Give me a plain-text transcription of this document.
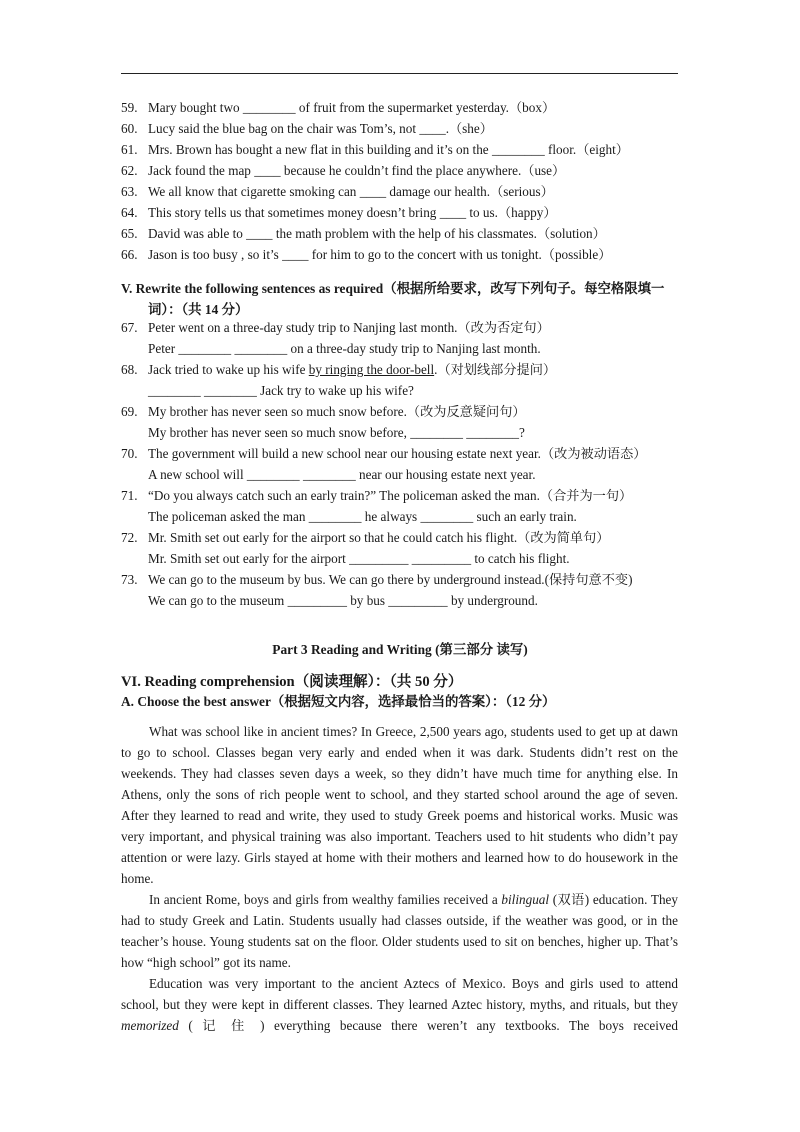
59. Mary bought two ________ of fruit from the supermarket yesterday.（box）
60. Lucy said the blue bag on the chair was Tom’s, not ____.（she）
61. Mrs. Brown has bought a new flat in this building and it’s on the ________ floor.（eight）
62. Jack found the map ____ because he couldn’t find the place anywhere.（use）
63. We all know that cigarette smoking can ____ damage our health.（serious）
64. This story tells us that sometimes money doesn’t bring ____ to us.（happy）
65. David was able to ____ the math problem with the help of his classmates.（solution）
66. Jason is too busy , so it’s ____ for him to go to the concert with us tonight.（possible）
V. Rewrite the following sentences as required（根据所给要求，改写下列句子。每空格限填一
词）：（共 14 分）
67. Peter went on a three-day study trip to Nanjing last month.（改为否定句）
Peter ________ ________ on a three-day study trip to Nanjing last month.
68. Jack tried to wake up his wife by ringing the door-bell.（对划线部分提问）
________ ________ Jack try to wake up his wife?
69. My brother has never seen so much snow before.（改为反意疑问句）
My brother has never seen so much snow before, ________ ________?
70. The government will build a new school near our housing estate next year.（改为被动语态）
A new school will ________ ________ near our housing estate next year.
71. “Do you always catch such an early train?” The policeman asked the man.（合并为一句）
The policeman asked the man ________ he always ________ such an early train.
72. Mr. Smith set out early for the airport so that he could catch his flight.（改为简单句）
Mr. Smith set out early for the airport _________ _________ to catch his flight.
73. We can go to the museum by bus. We can go there by underground instead.(保持句意不变)
We can go to the museum _________ by bus _________ by underground.
Part 3 Reading and Writing (第三部分 读写)
VI. Reading comprehension（阅读理解）：（共 50 分）
A. Choose the best answer（根据短文内容，选择最恰当的答案）：（12 分）

What was school like in ancient times? In Greece, 2,500 years ago, students used to get up at dawn to go to school. Classes began very early and ended when it was dark. Students didn’t rest on the weekends. They had classes seven days a week, so they didn’t have much time for anything else. In Athens, only the sons of rich people went to school, and they started school around the age of seven. After they learned to read and write, they used to study Greek poems and historical works. Music was very important, and physical training was also important. Teachers used to hit students who didn’t pay attention or were lazy. Girls stayed at home with their mothers and learned how to do housework in the home.

In ancient Rome, boys and girls from wealthy families received a bilingual (双语) education. They had to study Greek and Latin. Students usually had classes outside, if the weather was good, or in the teacher’s house. Young students sat on the floor. Older students used to sit on benches, higher up. That’s how “high school” got its name.

Education was very important to the ancient Aztecs of Mexico. Boys and girls used to attend school, but they were kept in different classes. They learned Aztec history, myths, and rituals, but they memorized ( 记 住 ) everything because there weren’t any textbooks. The boys received
